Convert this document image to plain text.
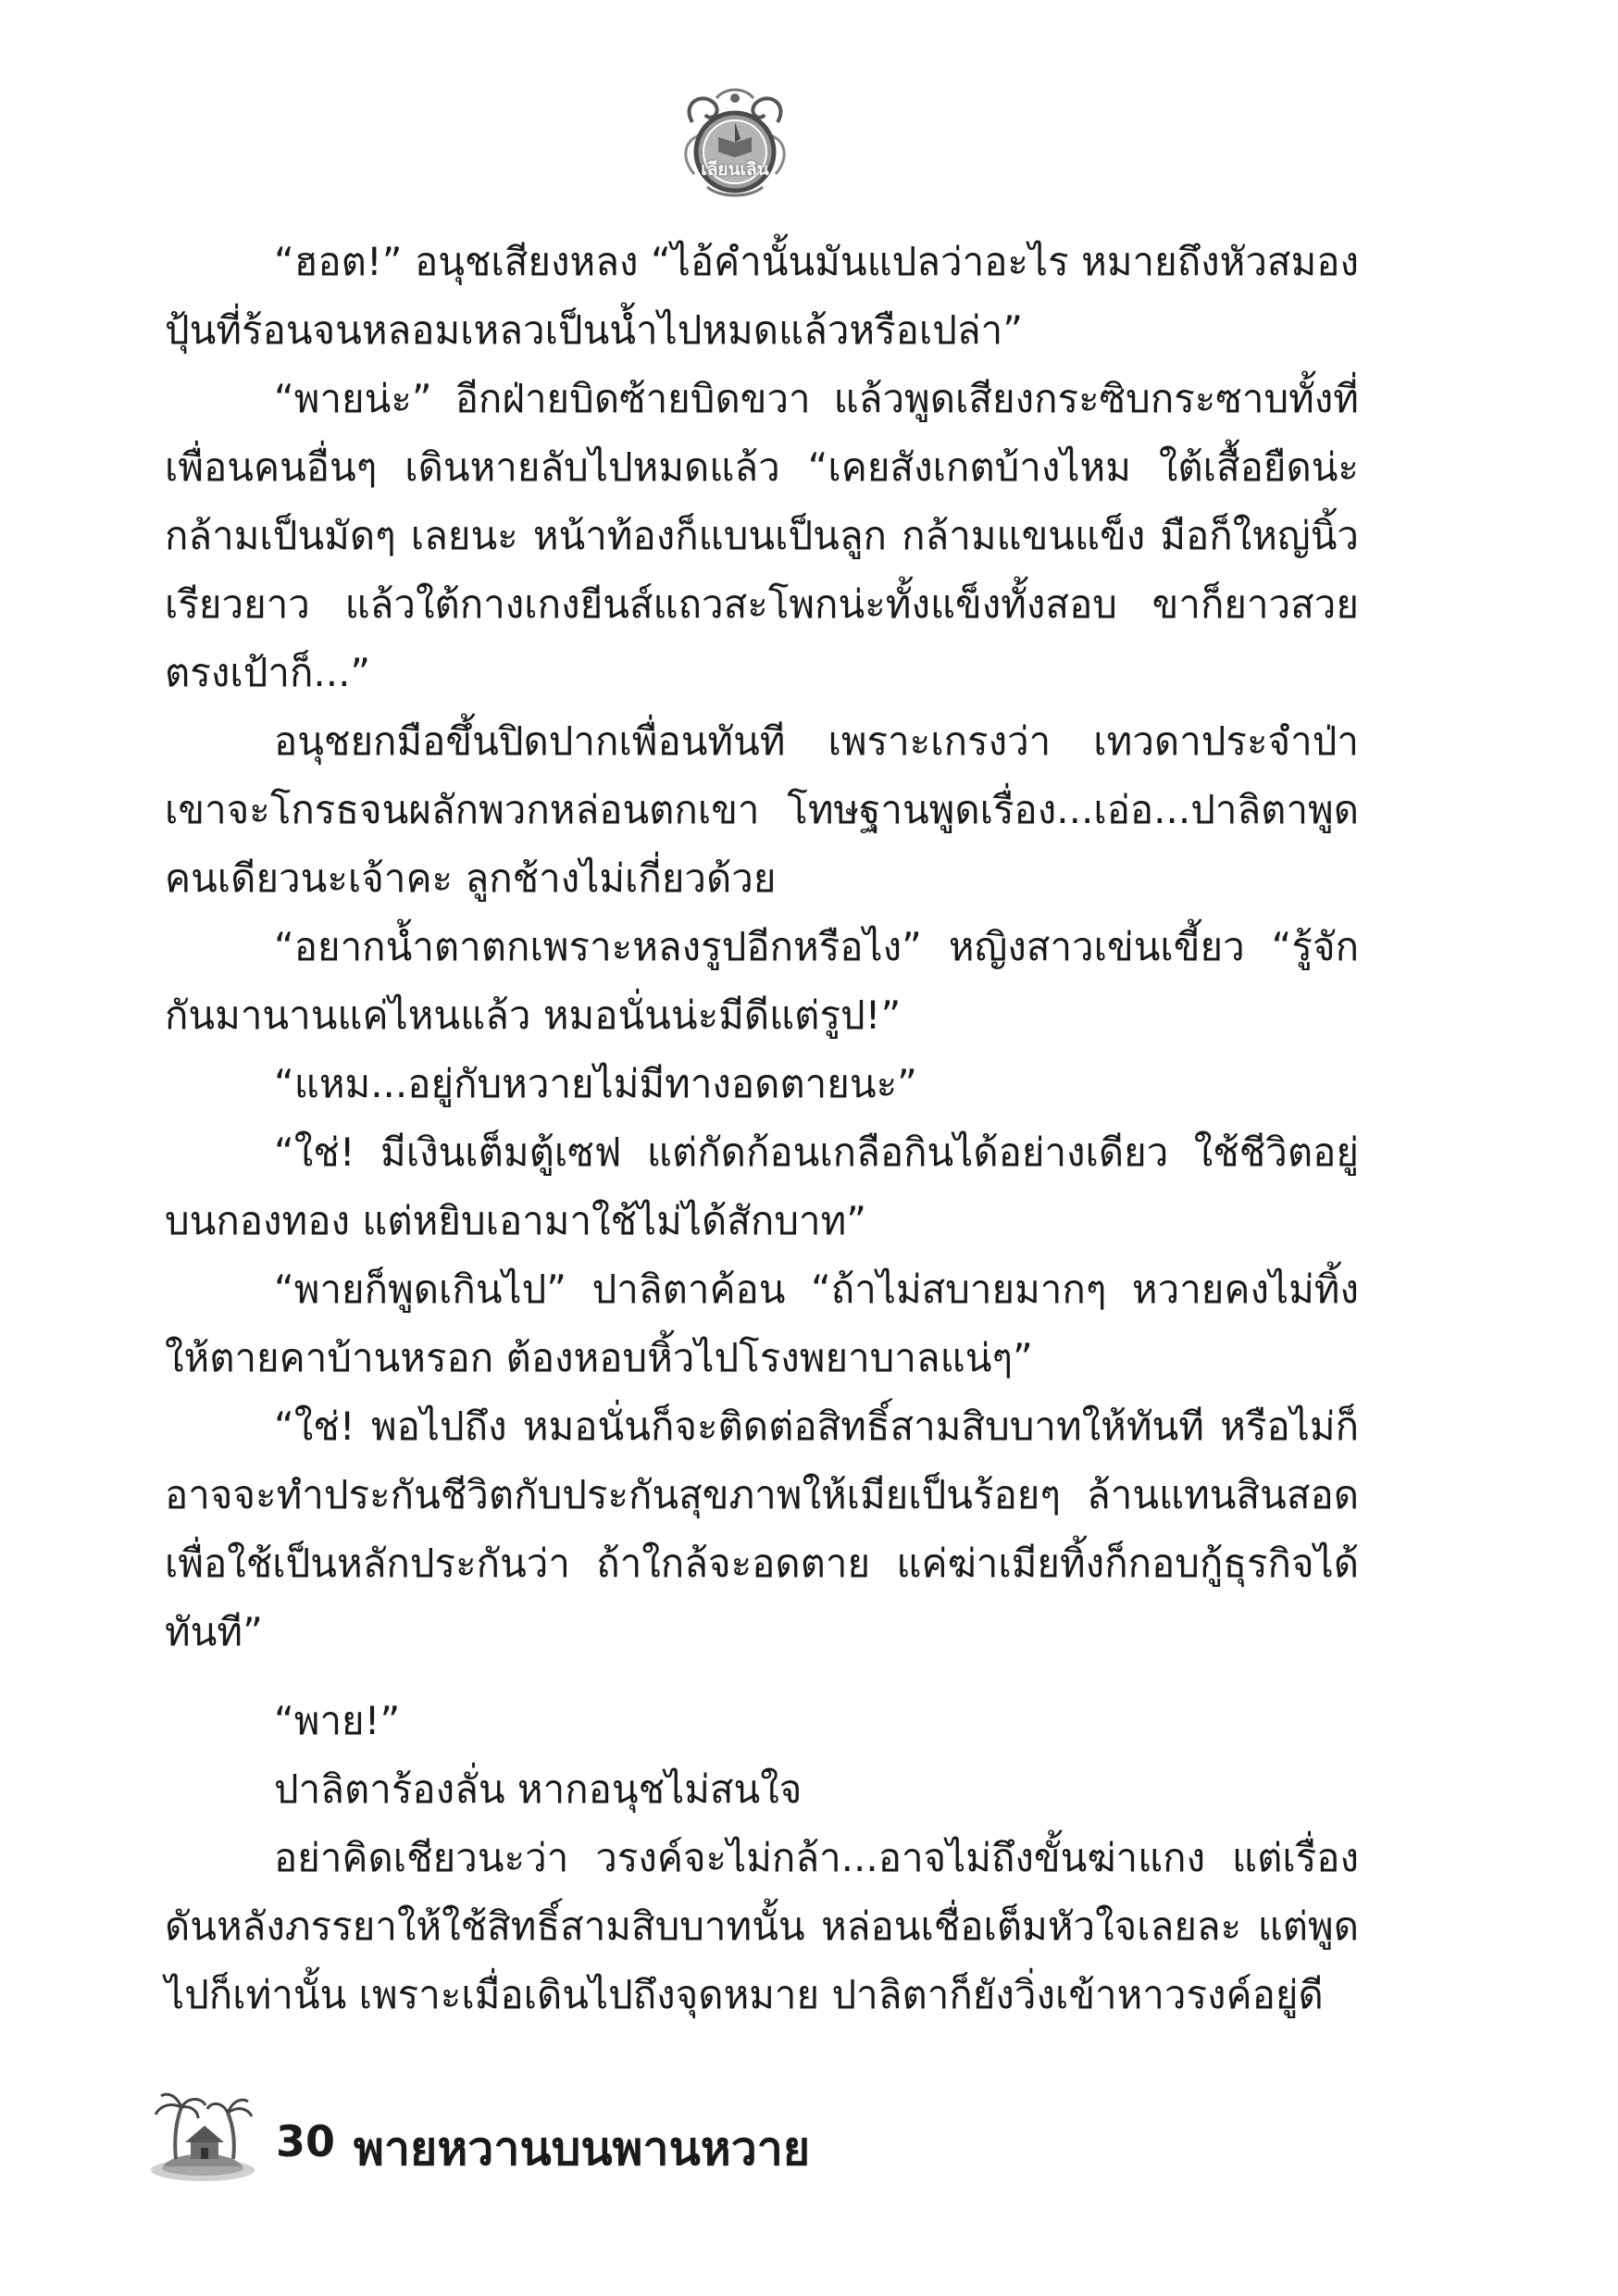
เลียนเลิน

“ฮอต!” อนุชเสียงหลง “ไอ้คำนั้นมันแปลว่าอะไร หมายถึงหัวสมองปุ้นที่ร้อนจนหลอมเหลวเป็นน้ำไปหมดแล้วหรือเปล่า”

“พายน่ะ” อีกฝ่ายบิดซ้ายบิดขวา แล้วพูดเสียงกระซิบกระซาบทั้งที่เพื่อนคนอื่นๆ เดินหายลับไปหมดแล้ว “เคยสังเกตบ้างไหม ใต้เสื้อยืดน่ะกล้ามเป็นมัดๆ เลยนะ หน้าท้องก็แบนเป็นลูก กล้ามแขนแข็ง มือก็ใหญ่นิ้วเรียวยาว แล้วใต้กางเกงยีนส์แถวสะโพกน่ะทั้งแข็งทั้งสอบ ขาก็ยาวสวยตรงเป้าก็...”

อนุชยกมือขึ้นปิดปากเพื่อนทันที เพราะเกรงว่า เทวดาประจำป่าเขาจะโกรธจนผลักพวกหล่อนตกเขา โทษฐานพูดเรื่อง...เอ่อ...ปาลิตาพูดคนเดียวนะเจ้าคะ ลูกช้างไม่เกี่ยวด้วย

“อยากน้ำตาตกเพราะหลงรูปอีกหรือไง” หญิงสาวเข่นเขี้ยว “รู้จักกันมานานแค่ไหนแล้ว หมอนั่นน่ะมีดีแต่รูป!”

“แหม...อยู่กับหวายไม่มีทางอดตายนะ”

“ใช่! มีเงินเต็มตู้เซฟ แต่กัดก้อนเกลือกินได้อย่างเดียว ใช้ชีวิตอยู่บนกองทอง แต่หยิบเอามาใช้ไม่ได้สักบาท”

“พายก็พูดเกินไป” ปาลิตาค้อน “ถ้าไม่สบายมากๆ หวายคงไม่ทิ้งให้ตายคาบ้านหรอก ต้องหอบหิ้วไปโรงพยาบาลแน่ๆ”

“ใช่! พอไปถึง หมอนั่นก็จะติดต่อสิทธิ์สามสิบบาทให้ทันที หรือไม่ก็อาจจะทำประกันชีวิตกับประกันสุขภาพให้เมียเป็นร้อยๆ ล้านแทนสินสอดเพื่อใช้เป็นหลักประกันว่า ถ้าใกล้จะอดตาย แค่ฆ่าเมียทิ้งก็กอบกู้ธุรกิจได้ทันที”

“พาย!”

ปาลิตาร้องลั่น หากอนุชไม่สนใจ

อย่าคิดเชียวนะว่า วรงค์จะไม่กล้า...อาจไม่ถึงขั้นฆ่าแกง แต่เรื่องดันหลังภรรยาให้ใช้สิทธิ์สามสิบบาทนั้น หล่อนเชื่อเต็มหัวใจเลยละ แต่พูดไปก็เท่านั้น เพราะเมื่อเดินไปถึงจุดหมาย ปาลิตาก็ยังวิ่งเข้าหาวรงค์อยู่ดี

30 พายหวานบนพานหวาย
